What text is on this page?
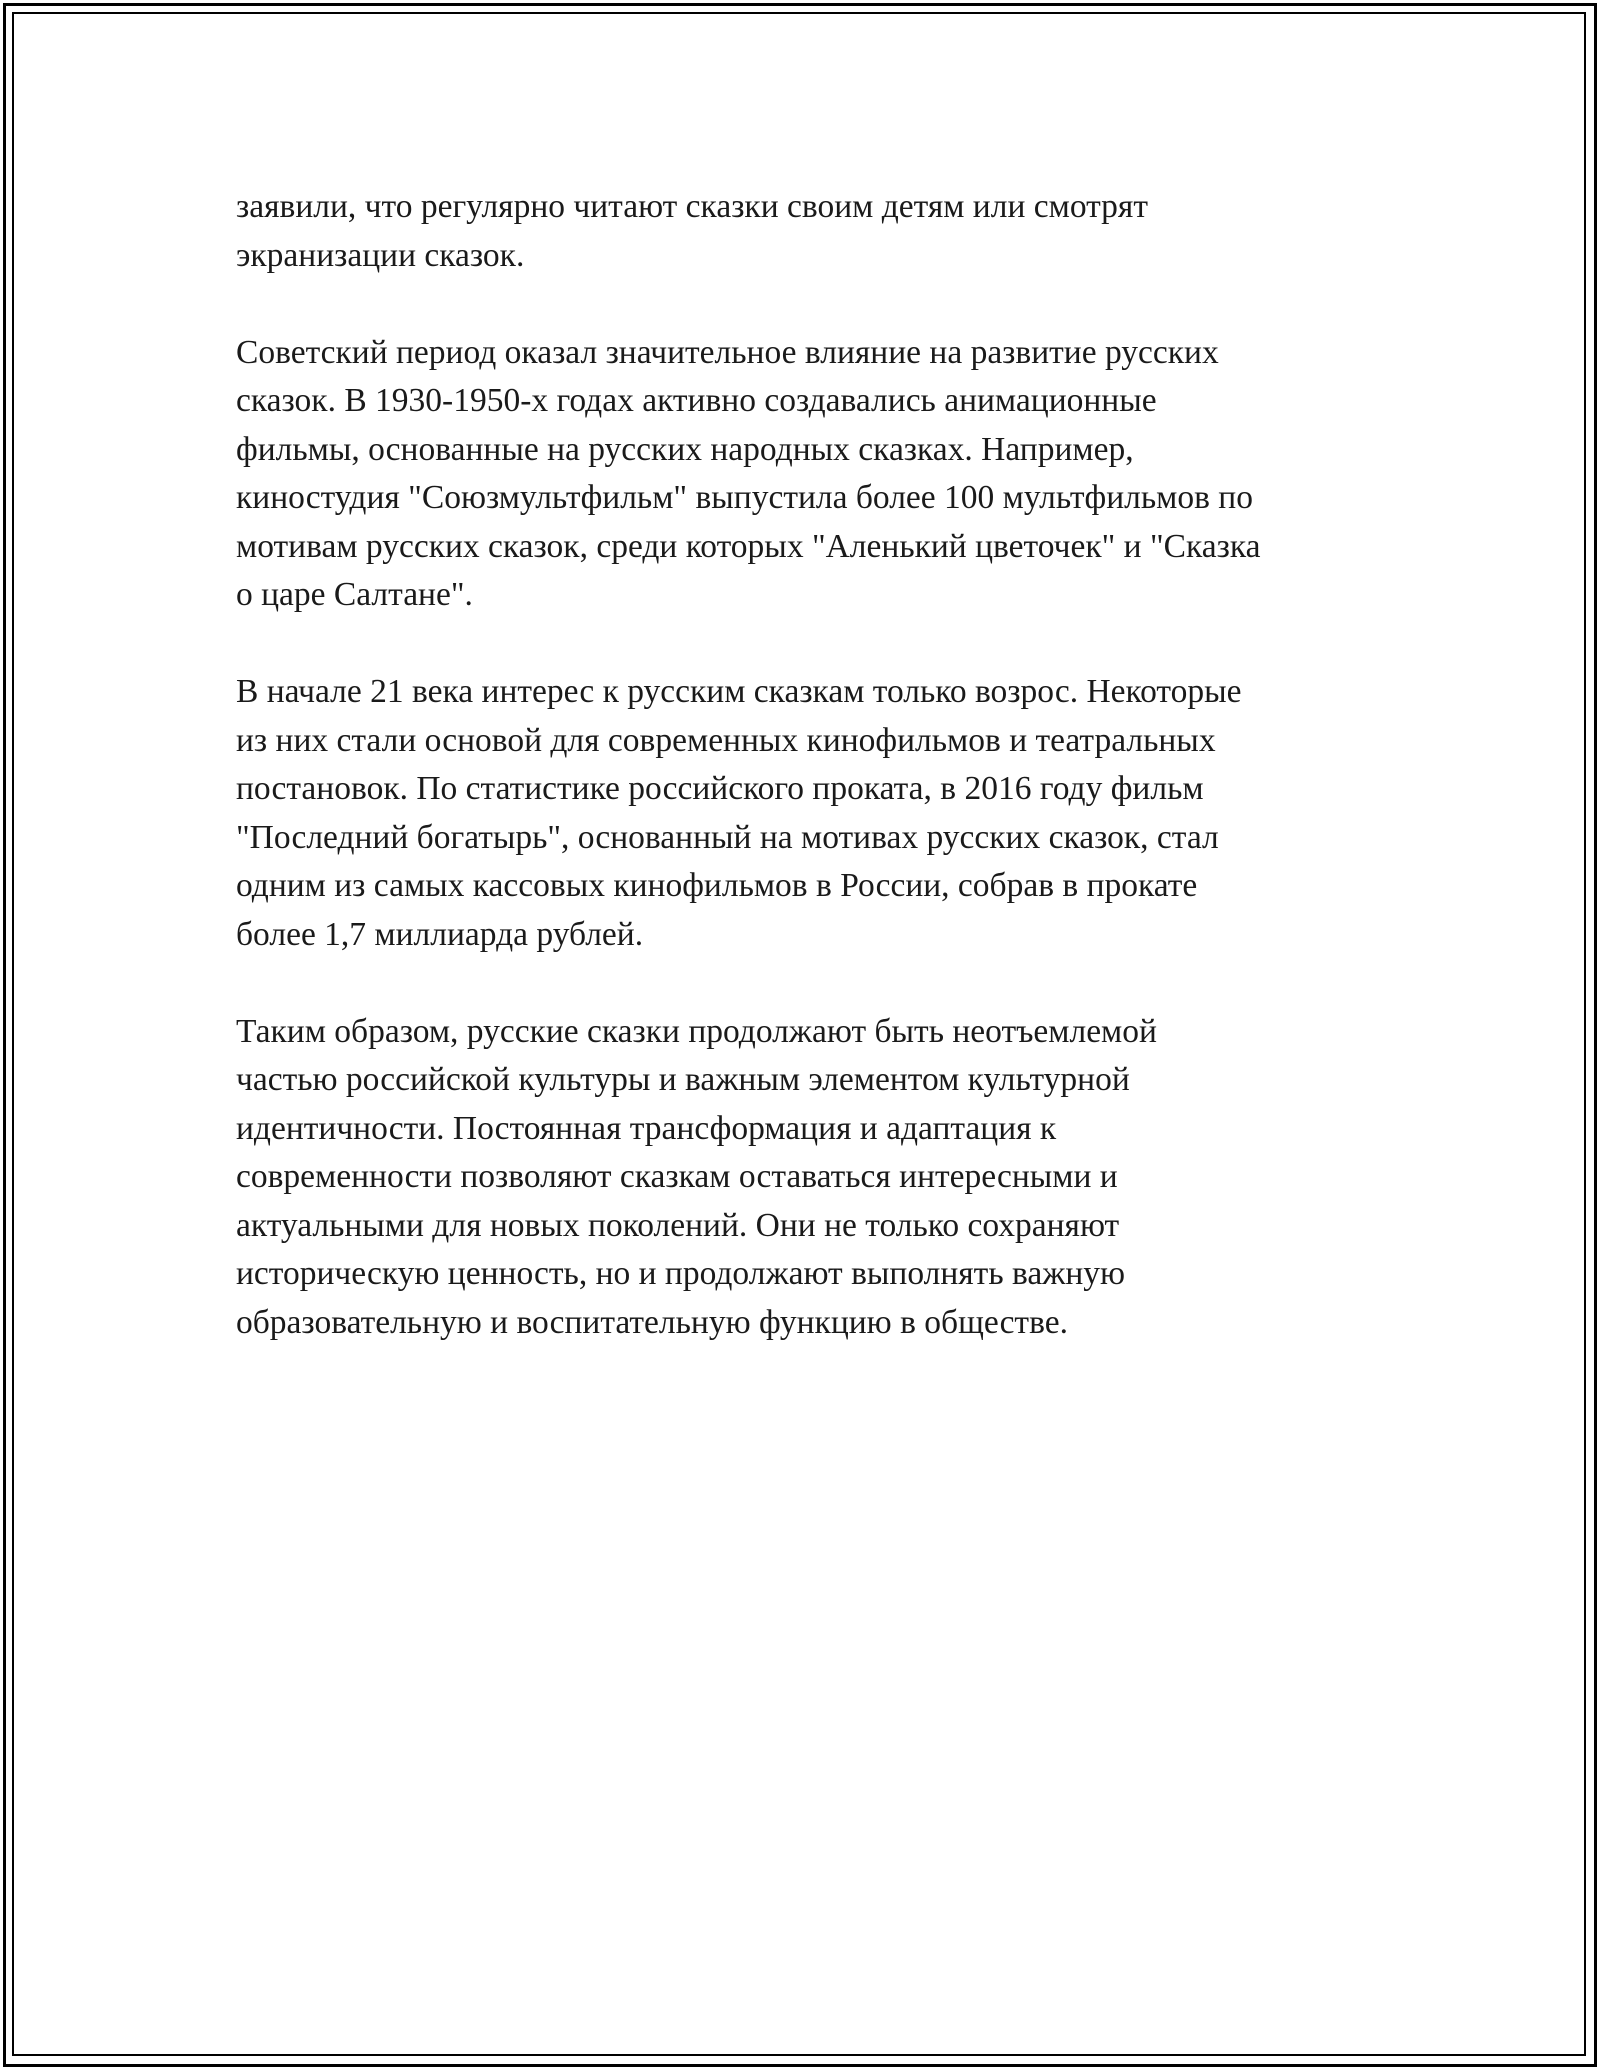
заявили, что регулярно читают сказки своим детям или смотрят
экранизации сказок.

Советский период оказал значительное влияние на развитие русских
сказок. В 1930-1950-х годах активно создавались анимационные
фильмы, основанные на русских народных сказках. Например,
киностудия "Союзмультфильм" выпустила более 100 мультфильмов по
мотивам русских сказок, среди которых "Аленький цветочек" и "Сказка
о царе Салтане".

В начале 21 века интерес к русским сказкам только возрос. Некоторые
из них стали основой для современных кинофильмов и театральных
постановок. По статистике российского проката, в 2016 году фильм
"Последний богатырь", основанный на мотивах русских сказок, стал
одним из самых кассовых кинофильмов в России, собрав в прокате
более 1,7 миллиарда рублей.

Таким образом, русские сказки продолжают быть неотъемлемой
частью российской культуры и важным элементом культурной
идентичности. Постоянная трансформация и адаптация к
современности позволяют сказкам оставаться интересными и
актуальными для новых поколений. Они не только сохраняют
историческую ценность, но и продолжают выполнять важную
образовательную и воспитательную функцию в обществе.
